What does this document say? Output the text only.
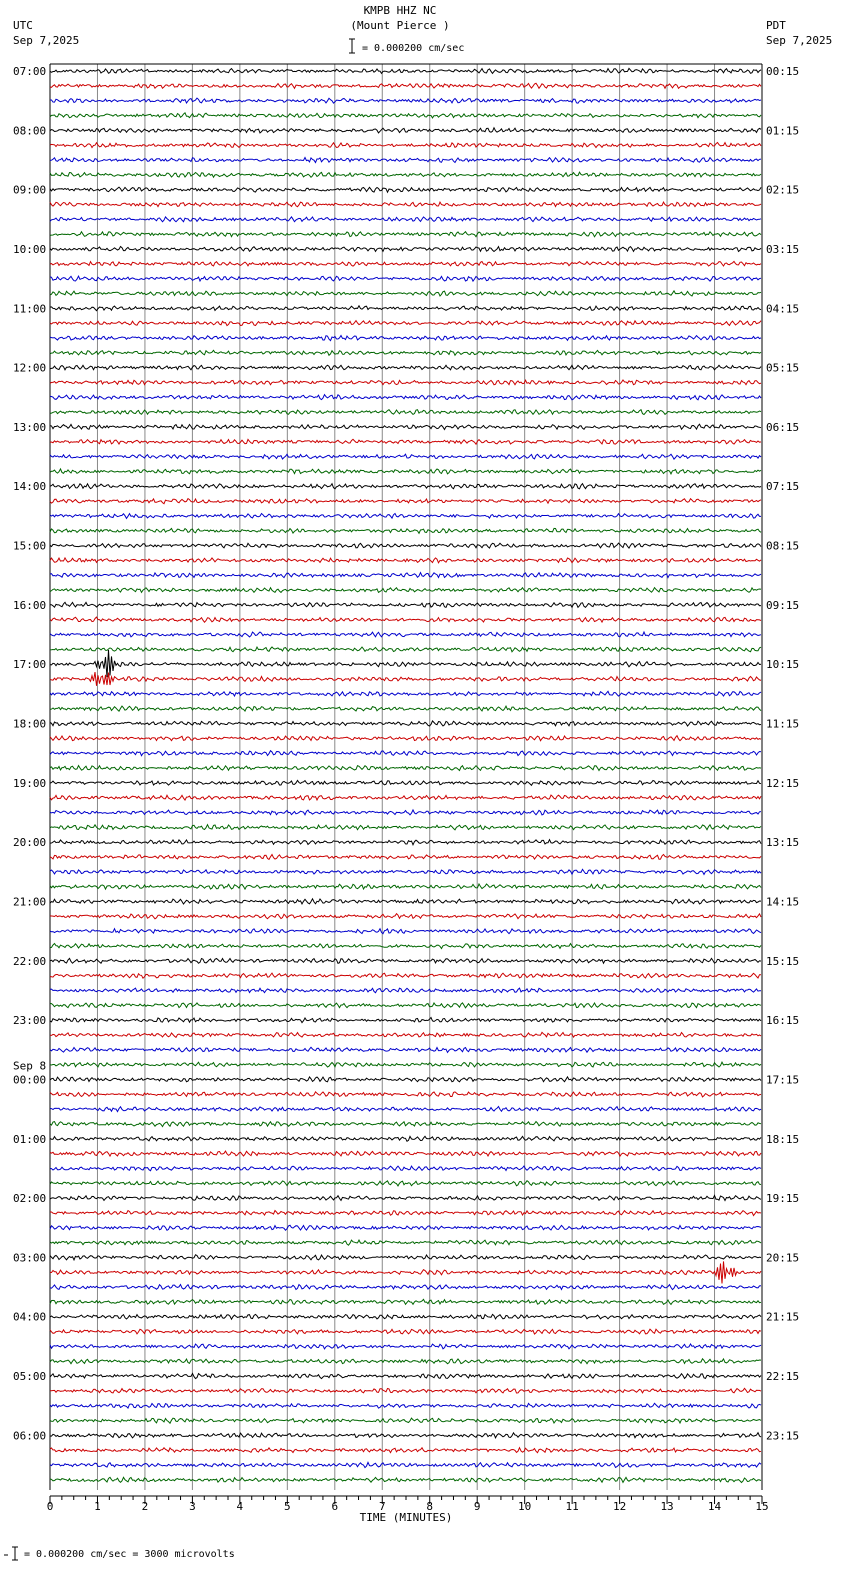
KMPB HHZ NC
(Mount Pierce )
UTC
Sep 7,2025
PDT
Sep 7,2025
= 0.000200 cm/sec
= 0.000200 cm/sec = 3000 microvolts
0	1	2	3	4	5	6	7	8	9	10	11	12	13	14	15
TIME (MINUTES)
07:00	00:15
08:00	01:15
09:00	02:15
10:00	03:15
11:00	04:15
12:00	05:15
13:00	06:15
14:00	07:15
15:00	08:15
16:00	09:15
17:00	10:15
18:00	11:15
19:00	12:15
20:00	13:15
21:00	14:15
22:00	15:15
23:00	16:15
00:00	17:15
01:00	18:15
02:00	19:15
03:00	20:15
04:00	21:15
05:00	22:15
06:00	23:15
Sep 8
